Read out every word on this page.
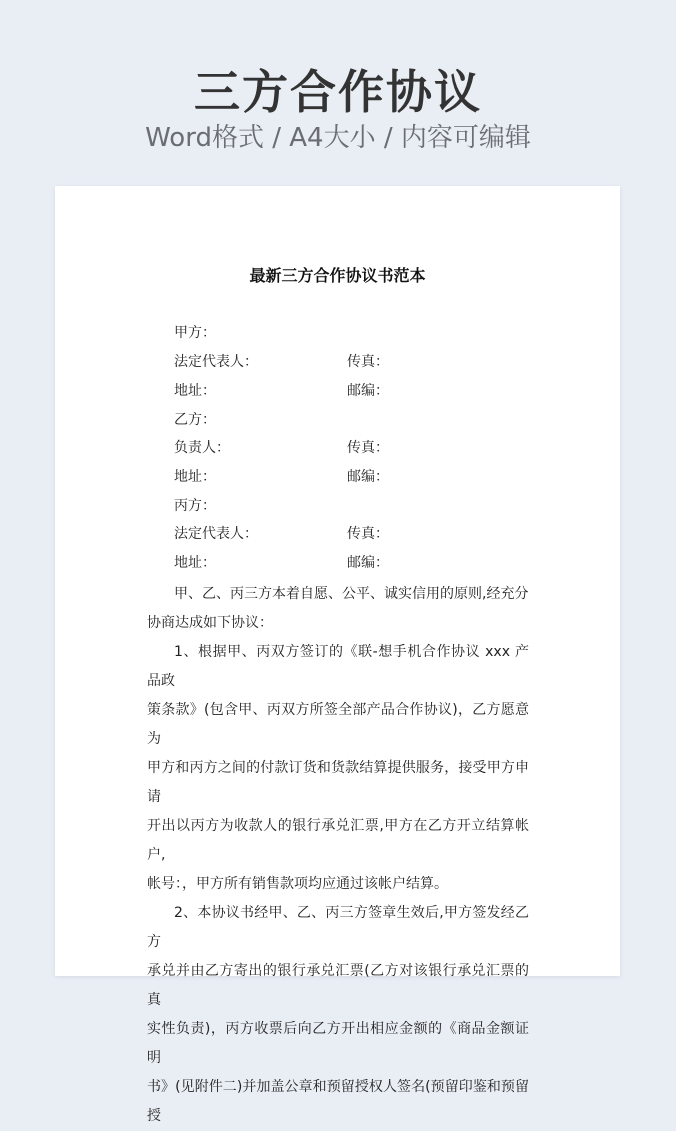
三方合作协议
Word格式 / A4大小 / 内容可编辑
最新三方合作协议书范本
甲方：
法定代表人：	传真：
地址：	邮编：
乙方：
负责人：	传真：
地址：	邮编：
丙方：
法定代表人：	传真：
地址：	邮编：

甲、乙、丙三方本着自愿、公平、诚实信用的原则,经充分
协商达成如下协议：

1、根据甲、丙双方签订的《联-想手机合作协议 xxx 产品政
策条款》(包含甲、丙双方所签全部产品合作协议)，乙方愿意为
甲方和丙方之间的付款订货和货款结算提供服务，接受甲方申请
开出以丙方为收款人的银行承兑汇票,甲方在乙方开立结算帐户,
帐号：，甲方所有销售款项均应通过该帐户结算。

2、本协议书经甲、乙、丙三方签章生效后,甲方签发经乙方
承兑并由乙方寄出的银行承兑汇票(乙方对该银行承兑汇票的真
实性负责)，丙方收票后向乙方开出相应金额的《商品金额证明
书》(见附件二)并加盖公章和预留授权人签名(预留印鉴和预留授
